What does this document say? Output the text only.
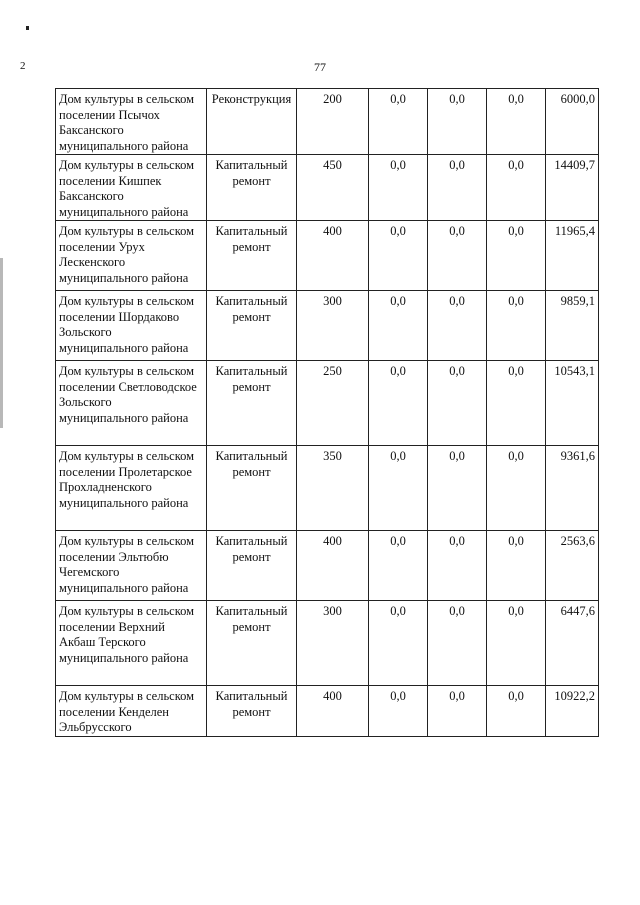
2	77
Дом культуры в сельском поселении Псычох Баксанского муниципального района	Реконструкция	200	0,0	0,0	0,0	6000,0
Дом культуры в сельском поселении Кишпек Баксанского муниципального района	Капитальный ремонт	450	0,0	0,0	0,0	14409,7
Дом культуры в сельском поселении Урух Лескенского муниципального района	Капитальный ремонт	400	0,0	0,0	0,0	11965,4
Дом культуры в сельском поселении Шордаково Зольского муниципального района	Капитальный ремонт	300	0,0	0,0	0,0	9859,1
Дом культуры в сельском поселении Светловодское Зольского муниципального района	Капитальный ремонт	250	0,0	0,0	0,0	10543,1
Дом культуры в сельском поселении Пролетарское Прохладненского муниципального района	Капитальный ремонт	350	0,0	0,0	0,0	9361,6
Дом культуры в сельском поселении Эльтюбю Чегемского муниципального района	Капитальный ремонт	400	0,0	0,0	0,0	2563,6
Дом культуры в сельском поселении Верхний Акбаш Терского муниципального района	Капитальный ремонт	300	0,0	0,0	0,0	6447,6
Дом культуры в сельском поселении Кенделен Эльбрусского	Капитальный ремонт	400	0,0	0,0	0,0	10922,2
